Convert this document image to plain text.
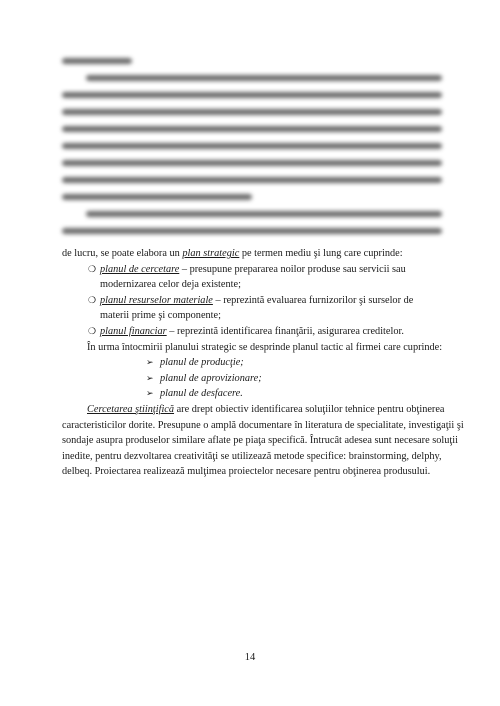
de lucru, se poate elabora un plan strategic pe termen mediu şi lung care cuprinde:
❍ planul de cercetare – presupune prepararea noilor produse sau servicii sau
modernizarea celor deja existente;
❍ planul resurselor materiale – reprezintă evaluarea furnizorilor şi surselor de
materii prime şi componente;
❍ planul financiar – reprezintă identificarea finanţării, asigurarea creditelor.
În urma întocmirii planului strategic se desprinde planul tactic al firmei care cuprinde:
➢ planul de producţie;
➢ planul de aprovizionare;
➢ planul de desfacere.
Cercetarea ştiinţifică are drept obiectiv identificarea soluţiilor tehnice pentru obţinerea
caracteristicilor dorite. Presupune o amplă documentare în literatura de specialitate, investigaţii şi
sondaje asupra produselor similare aflate pe piaţa specifică. Întrucât adesea sunt necesare soluţii
inedite, pentru dezvoltarea creativităţi se utilizează metode specifice: brainstorming, delphy,
delbeq. Proiectarea realizează mulţimea proiectelor necesare pentru obţinerea produsului.
14
